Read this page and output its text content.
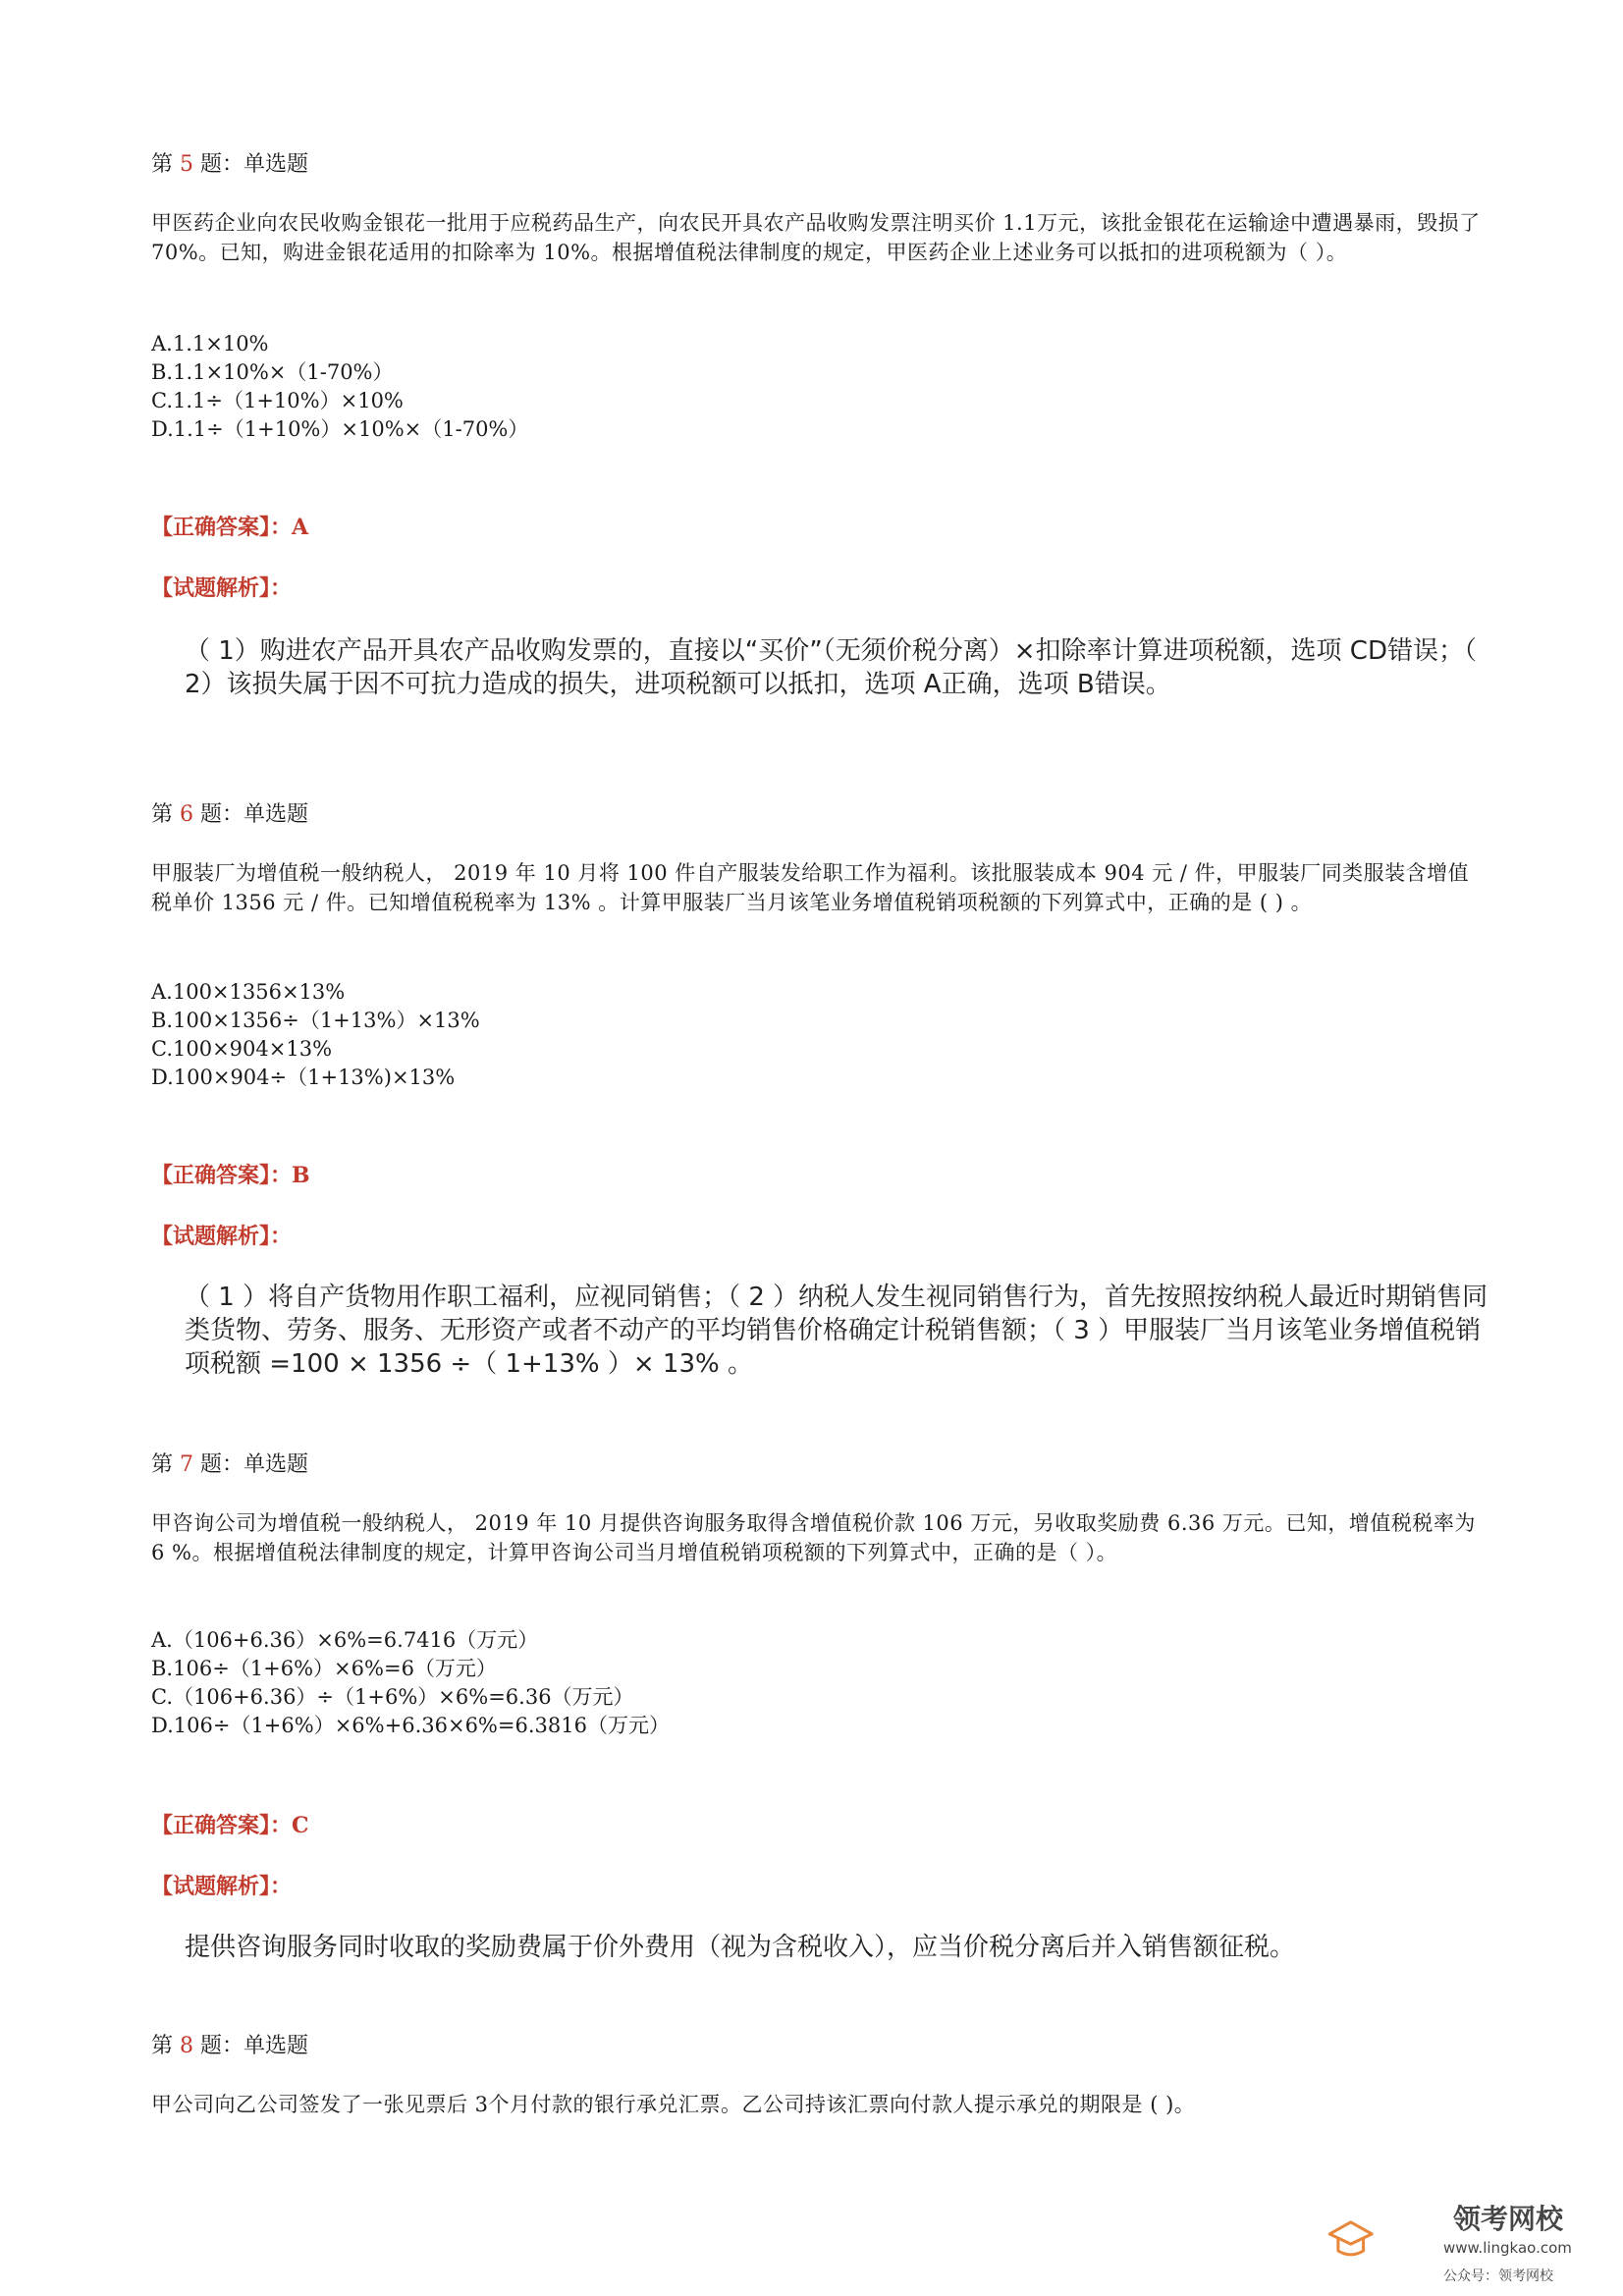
第 5 题：单选题
甲医药企业向农民收购金银花一批用于应税药品生产，向农民开具农产品收购发票注明买价 1.1万元，该批金银花在运输途中遭遇暴雨，毁损了 70%。已知，购进金银花适用的扣除率为 10%。根据增值税法律制度的规定，甲医药企业上述业务可以抵扣的进项税额为（ ）。
A.1.1×10%
B.1.1×10%×（1-70%）
C.1.1÷（1+10%）×10%
D.1.1÷（1+10%）×10%×（1-70%）
【正确答案】：A
【试题解析】：
（ 1）购进农产品开具农产品收购发票的，直接以“买价”（无须价税分离）×扣除率计算进项税额，选项 CD错误；（ 2）该损失属于因不可抗力造成的损失，进项税额可以抵扣，选项 A正确，选项 B错误。
第 6 题：单选题
甲服装厂为增值税一般纳税人， 2019 年 10 月将 100 件自产服装发给职工作为福利。该批服装成本 904 元 / 件，甲服装厂同类服装含增值税单价 1356 元 / 件。已知增值税税率为 13% 。计算甲服装厂当月该笔业务增值税销项税额的下列算式中，正确的是 ( ) 。
A.100×1356×13%
B.100×1356÷（1+13%）×13%
C.100×904×13%
D.100×904÷（1+13%)×13%
【正确答案】：B
【试题解析】：
（ 1 ）将自产货物用作职工福利，应视同销售；（ 2 ）纳税人发生视同销售行为，首先按照按纳税人最近时期销售同类货物、劳务、服务、无形资产或者不动产的平均销售价格确定计税销售额；（ 3 ）甲服装厂当月该笔业务增值税销项税额 =100 × 1356 ÷（ 1+13% ）× 13% 。
第 7 题：单选题
甲咨询公司为增值税一般纳税人， 2019 年 10 月提供咨询服务取得含增值税价款 106 万元，另收取奖励费 6.36 万元。已知，增值税税率为 6 %。根据增值税法律制度的规定，计算甲咨询公司当月增值税销项税额的下列算式中，正确的是（ ）。
A.（106+6.36）×6%=6.7416（万元）
B.106÷（1+6%）×6%=6（万元）
C.（106+6.36）÷（1+6%）×6%=6.36（万元）
D.106÷（1+6%）×6%+6.36×6%=6.3816（万元）
【正确答案】：C
【试题解析】：
提供咨询服务同时收取的奖励费属于价外费用（视为含税收入），应当价税分离后并入销售额征税。
第 8 题：单选题
甲公司向乙公司签发了一张见票后 3个月付款的银行承兑汇票。乙公司持该汇票向付款人提示承兑的期限是 ( )。
领考网校
www.lingkao.com
公众号：领考网校
